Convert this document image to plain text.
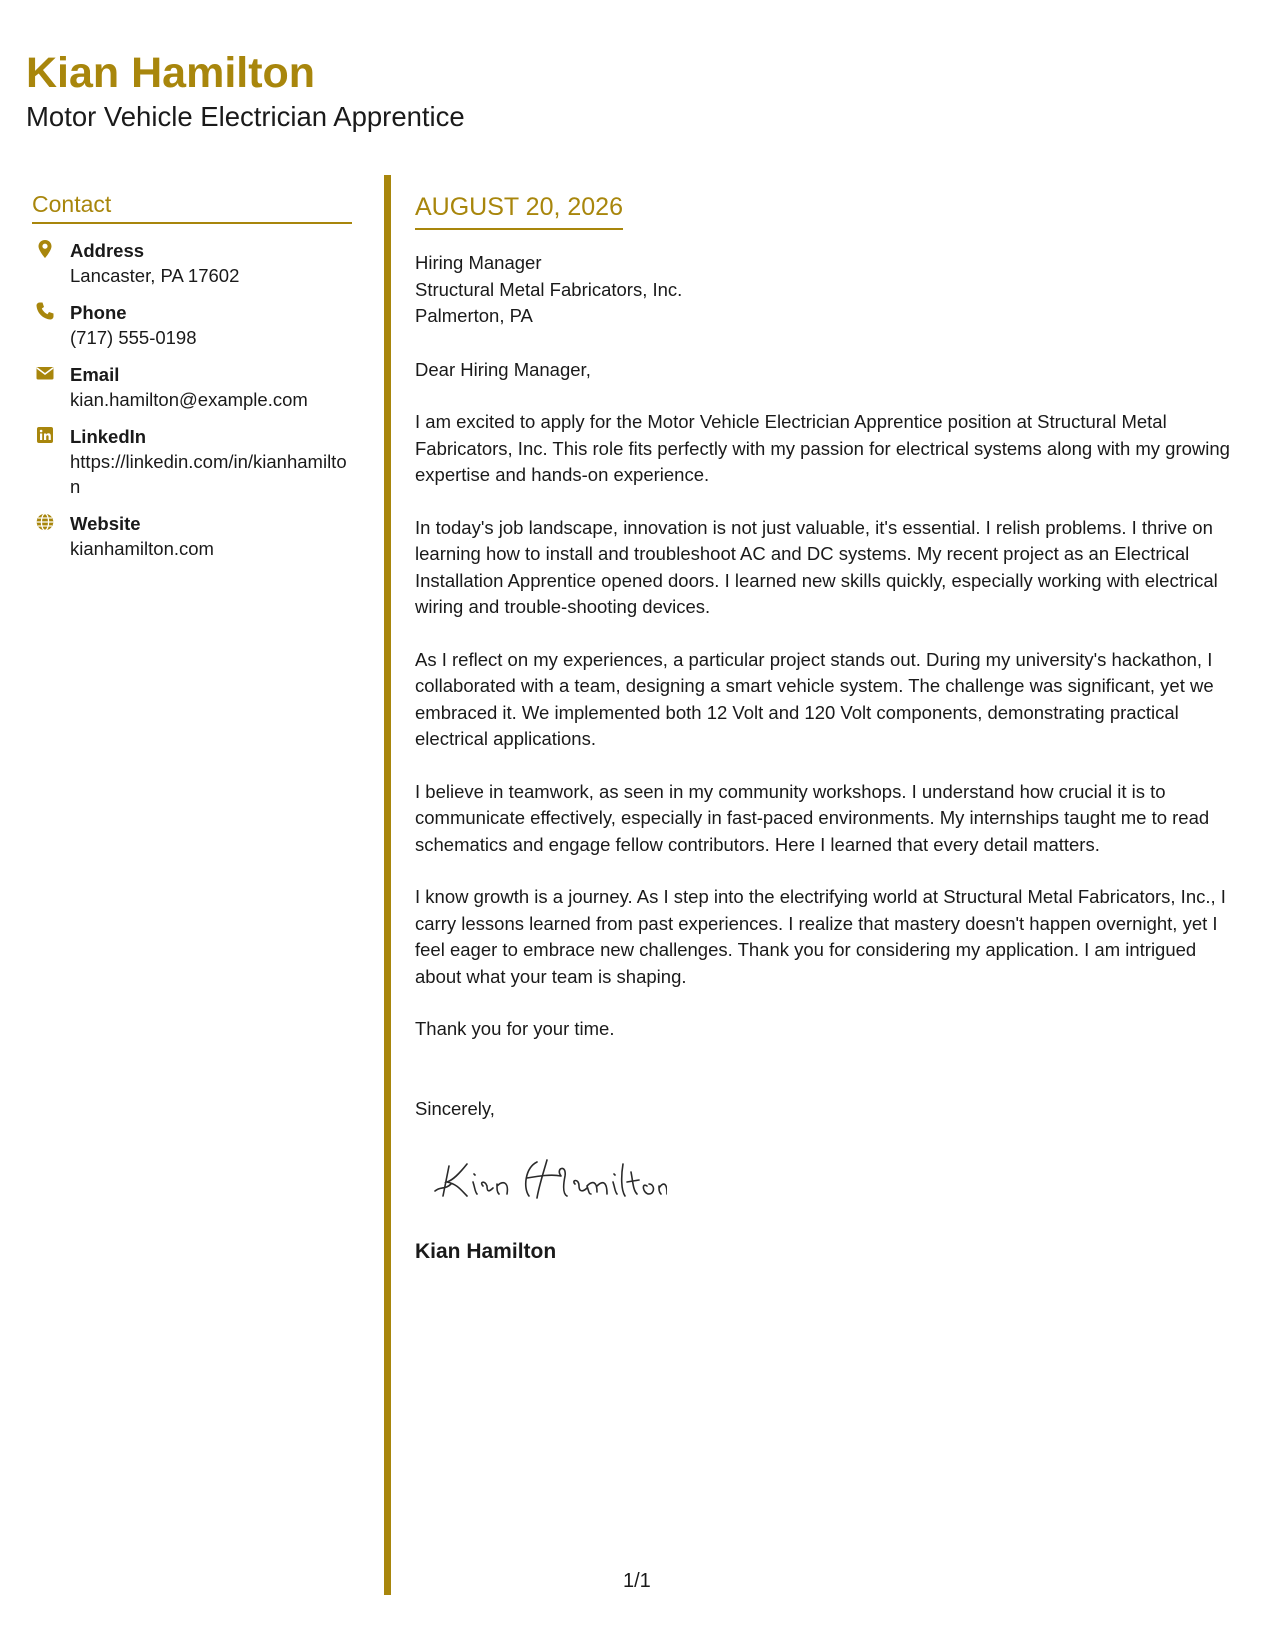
Kian Hamilton
Motor Vehicle Electrician Apprentice
Contact
Address
Lancaster, PA 17602
Phone
(717) 555-0198
Email
kian.hamilton@example.com
LinkedIn
https://linkedin.com/in/kianhamilton
Website
kianhamilton.com
AUGUST 20, 2026
Hiring Manager
Structural Metal Fabricators, Inc.
Palmerton, PA
Dear Hiring Manager,
I am excited to apply for the Motor Vehicle Electrician Apprentice position at Structural Metal Fabricators, Inc. This role fits perfectly with my passion for electrical systems along with my growing expertise and hands-on experience.
In today's job landscape, innovation is not just valuable, it's essential. I relish problems. I thrive on learning how to install and troubleshoot AC and DC systems. My recent project as an Electrical Installation Apprentice opened doors. I learned new skills quickly, especially working with electrical wiring and trouble-shooting devices.
As I reflect on my experiences, a particular project stands out. During my university's hackathon, I collaborated with a team, designing a smart vehicle system. The challenge was significant, yet we embraced it. We implemented both 12 Volt and 120 Volt components, demonstrating practical electrical applications.
I believe in teamwork, as seen in my community workshops. I understand how crucial it is to communicate effectively, especially in fast-paced environments. My internships taught me to read schematics and engage fellow contributors. Here I learned that every detail matters.
I know growth is a journey. As I step into the electrifying world at Structural Metal Fabricators, Inc., I carry lessons learned from past experiences. I realize that mastery doesn't happen overnight, yet I feel eager to embrace new challenges. Thank you for considering my application. I am intrigued about what your team is shaping.
Thank you for your time.
Sincerely,
Kian Hamilton
1/1
